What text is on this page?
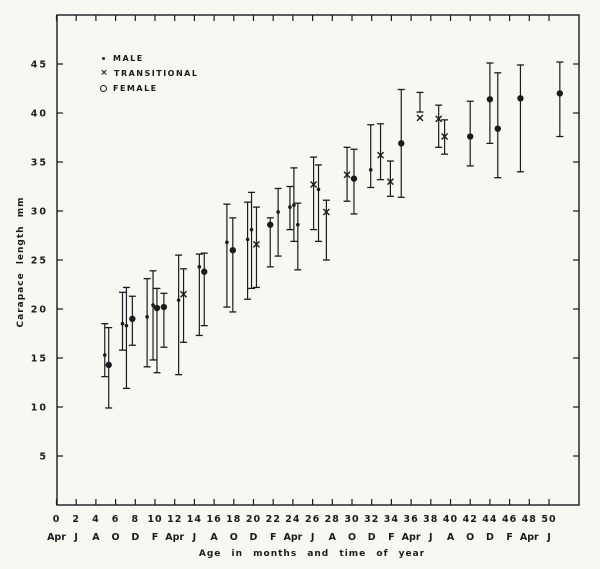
0
Apr
2
J
4
A
6
O
8
D
10
F
12
Apr
14
J
16
A
18
O
20
D
22
F
24
Apr
26
J
28
A
30
O
32
D
34
F
36
Apr
38
J
40
A
42
O
44
D
46
F
48
Apr
50
J
5
10
15
20
25
30
35
40
45
MALE
× TRANSITIONAL
FEMALE
Carapace length mm
Age in months and time of year
